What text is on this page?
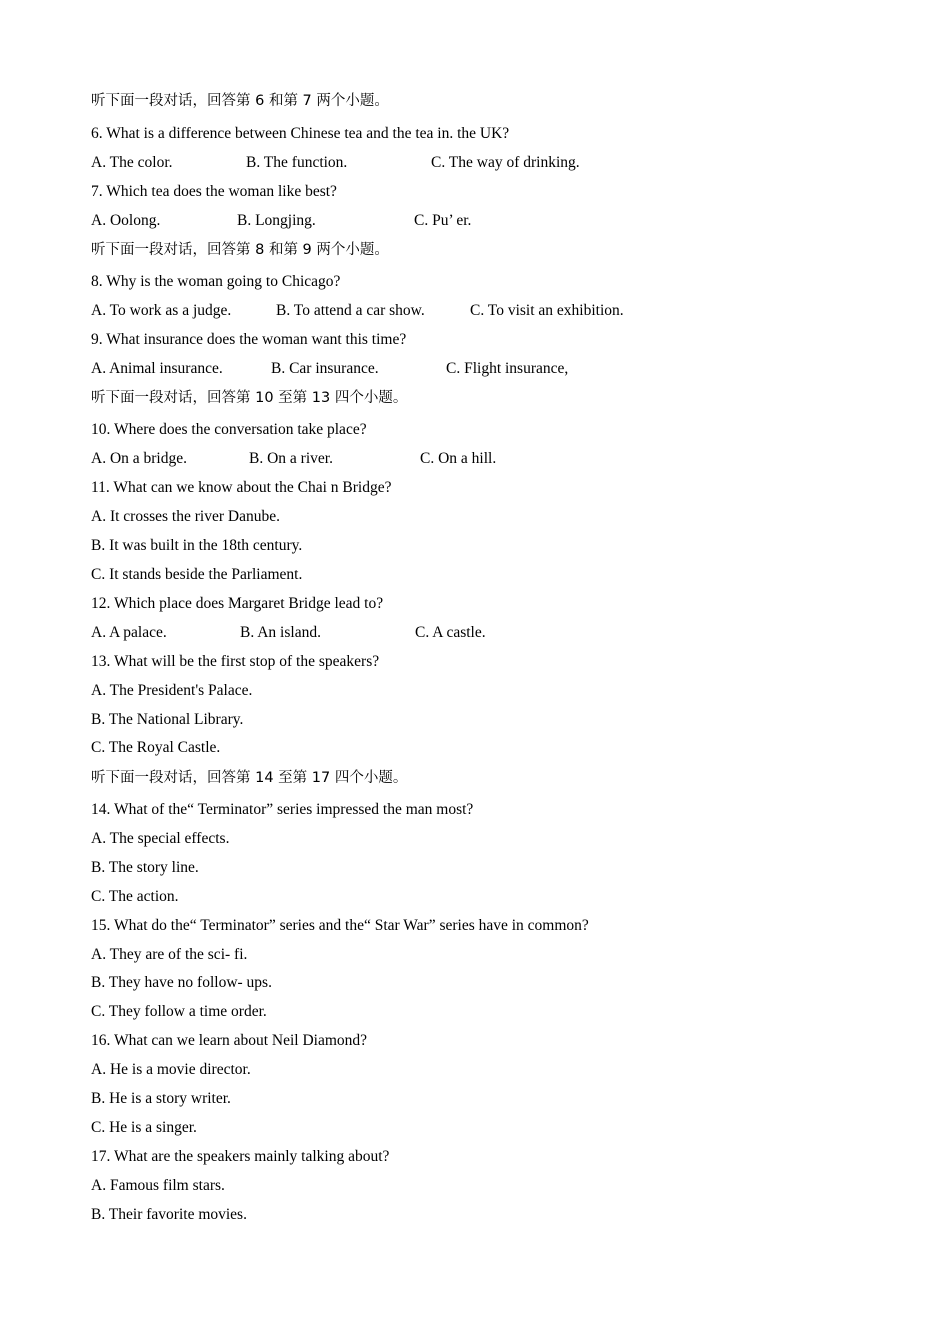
听下面一段对话，回答第 6 和第 7 两个小题。
6. What is a difference between Chinese tea and the tea in. the UK?
A. The color.	B. The function.	C. The way of drinking.
7. Which tea does the woman like best?
A. Oolong.	B. Longjing.	C. Pu’ er.
听下面一段对话，回答第 8 和第 9 两个小题。
8. Why is the woman going to Chicago?
A. To work as a judge.	B. To attend a car show.	C. To visit an exhibition.
9. What insurance does the woman want this time?
A. Animal insurance.	B. Car insurance.	C. Flight insurance,
听下面一段对话，回答第 10 至第 13 四个小题。
10. Where does the conversation take place?
A. On a bridge.	B. On a river.	C. On a hill.
11. What can we know about the Chai n Bridge?
A. It crosses the river Danube.
B. It was built in the 18th century.
C. It stands beside the Parliament.
12. Which place does Margaret Bridge lead to?
A. A palace.	B. An island.	C. A castle.
13. What will be the first stop of the speakers?
A. The President's Palace.
B. The National Library.
C. The Royal Castle.
听下面一段对话，回答第 14 至第 17 四个小题。
14. What of the“ Terminator” series impressed the man most?
A. The special effects.
B. The story line.
C. The action.
15. What do the“ Terminator” series and the“ Star War” series have in common?
A. They are of the sci- fi.
B. They have no follow- ups.
C. They follow a time order.
16. What can we learn about Neil Diamond?
A. He is a movie director.
B. He is a story writer.
C. He is a singer.
17. What are the speakers mainly talking about?
A. Famous film stars.
B. Their favorite movies.
